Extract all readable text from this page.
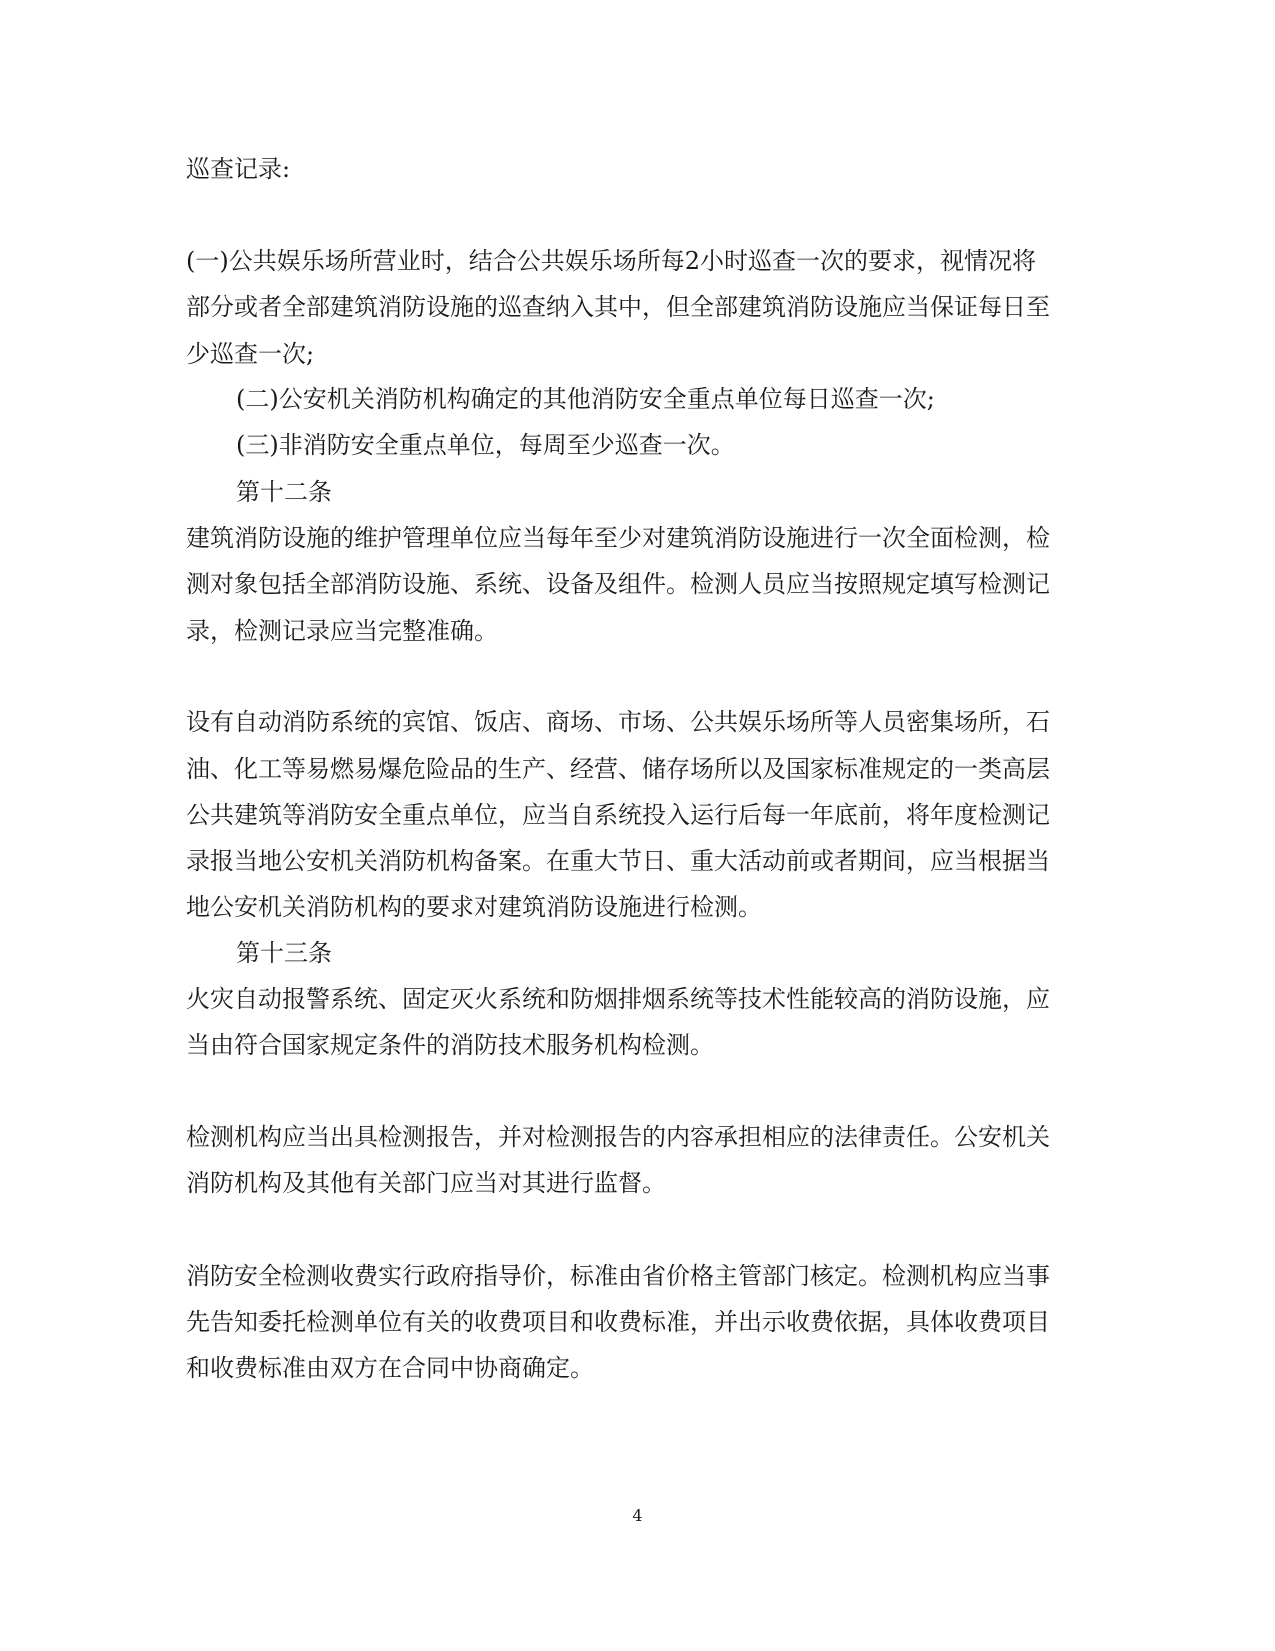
巡查记录:
(一)公共娱乐场所营业时，结合公共娱乐场所每2小时巡查一次的要求，视情况将
部分或者全部建筑消防设施的巡查纳入其中，但全部建筑消防设施应当保证每日至
少巡查一次;
(二)公安机关消防机构确定的其他消防安全重点单位每日巡查一次;
(三)非消防安全重点单位，每周至少巡查一次。
第十二条
建筑消防设施的维护管理单位应当每年至少对建筑消防设施进行一次全面检测，检
测对象包括全部消防设施、系统、设备及组件。检测人员应当按照规定填写检测记
录，检测记录应当完整准确。
设有自动消防系统的宾馆、饭店、商场、市场、公共娱乐场所等人员密集场所，石
油、化工等易燃易爆危险品的生产、经营、储存场所以及国家标准规定的一类高层
公共建筑等消防安全重点单位，应当自系统投入运行后每一年底前，将年度检测记
录报当地公安机关消防机构备案。在重大节日、重大活动前或者期间，应当根据当
地公安机关消防机构的要求对建筑消防设施进行检测。
第十三条
火灾自动报警系统、固定灭火系统和防烟排烟系统等技术性能较高的消防设施，应
当由符合国家规定条件的消防技术服务机构检测。
检测机构应当出具检测报告，并对检测报告的内容承担相应的法律责任。公安机关
消防机构及其他有关部门应当对其进行监督。
消防安全检测收费实行政府指导价，标准由省价格主管部门核定。检测机构应当事
先告知委托检测单位有关的收费项目和收费标准，并出示收费依据，具体收费项目
和收费标准由双方在合同中协商确定。
4
